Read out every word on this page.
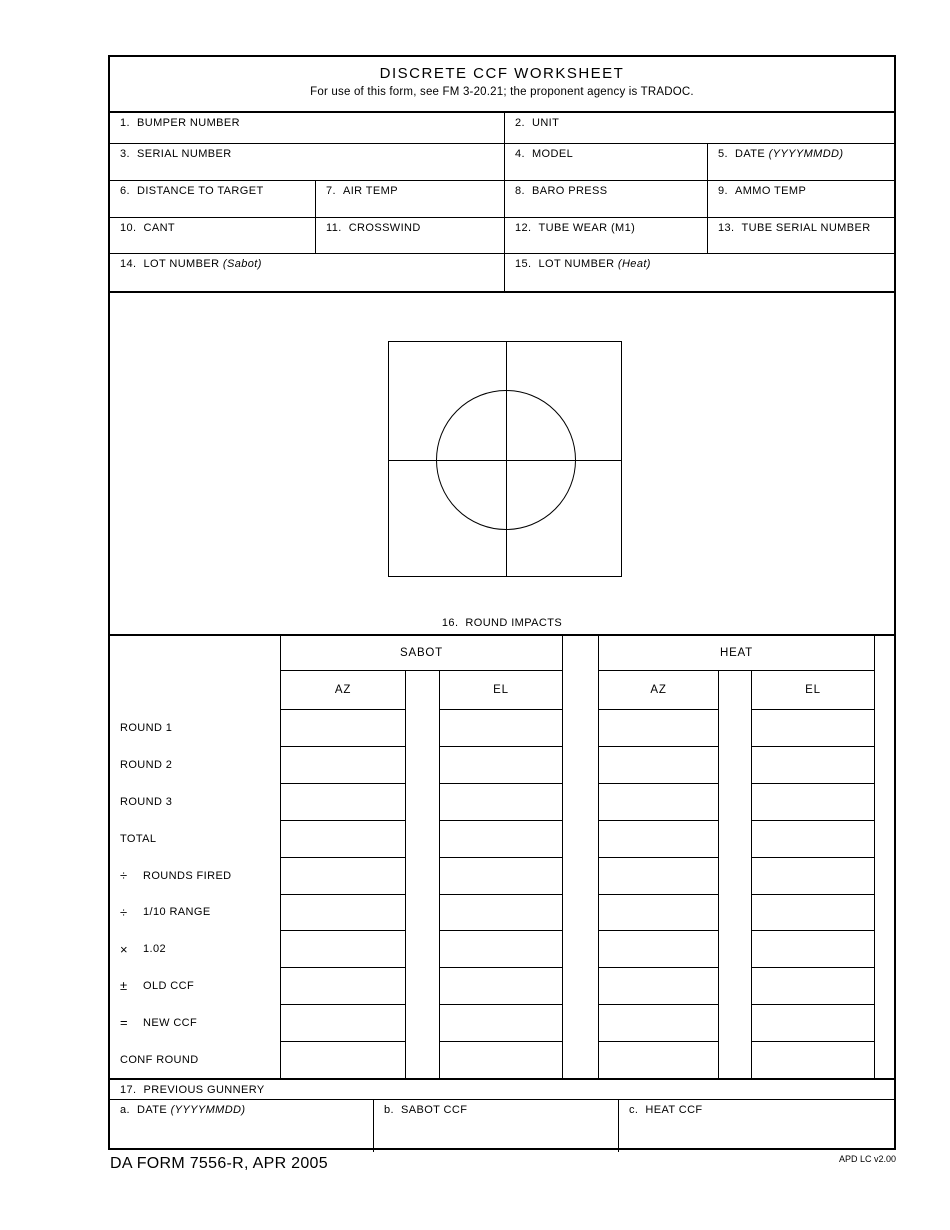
DISCRETE CCF WORKSHEET
For use of this form, see FM 3-20.21; the proponent agency is TRADOC.
1. BUMPER NUMBER	2. UNIT
3. SERIAL NUMBER	4. MODEL	5. DATE (YYYYMMDD)
6. DISTANCE TO TARGET	7. AIR TEMP	8. BARO PRESS	9. AMMO TEMP
10. CANT	11. CROSSWIND	12. TUBE WEAR (M1)	13. TUBE SERIAL NUMBER
14. LOT NUMBER (Sabot)	15. LOT NUMBER (Heat)
16. ROUND IMPACTS
SABOT	HEAT
AZ	EL	AZ	EL
ROUND 1
ROUND 2
ROUND 3
TOTAL
÷	ROUNDS FIRED
÷	1/10 RANGE
×	1.02
±	OLD CCF
=	NEW CCF
CONF ROUND
17. PREVIOUS GUNNERY
a. DATE (YYYYMMDD)	b. SABOT CCF	c. HEAT CCF
DA FORM 7556-R, APR 2005	APD LC v2.00
